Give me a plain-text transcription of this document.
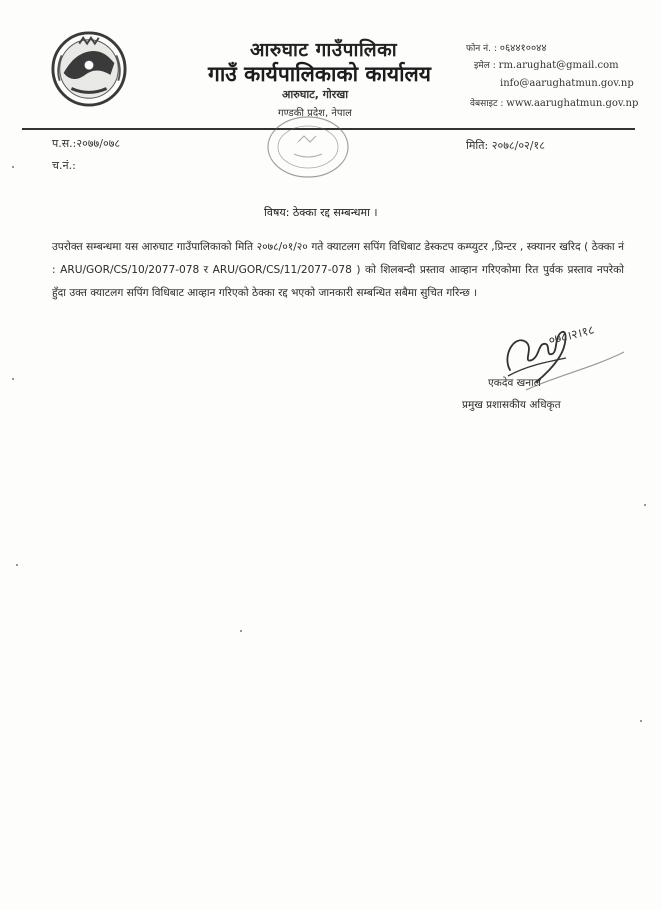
आरुघाट गाउँपालिका
गाउँ कार्यपालिकाको कार्यालय
आरुघाट, गोरखा
गण्डकी प्रदेश, नेपाल
फोन नं. : ०६४४१००४४
इमेल : rm.arughat@gmail.com
info@aarughatmun.gov.np
वेबसाइट : www.aarughatmun.gov.np
प.स.:२०७७/०७८
च.नं.:
मिति: २०७८/०२/१८
विषय: ठेक्का रद्द सम्बन्धमा ।
उपरोक्त सम्बन्धमा यस आरुघाट गाउँपालिकाको मिति २०७८/०१/२० गते क्याटलग सपिंग विधिबाट डेस्कटप कम्प्युटर ,प्रिन्टर , स्क्यानर खरिद ( ठेक्का नं : ARU/GOR/CS/10/2077-078 र ARU/GOR/CS/11/2077-078 ) को शिलबन्दी प्रस्ताव आव्हान गरिएकोमा रित पुर्वक प्रस्ताव नपरेको हुँदा उक्त क्याटलग सपिंग विधिबाट आव्हान गरिएको ठेक्का रद्द भएको जानकारी सम्बन्धित सबैमा सुचित गरिन्छ ।
०७८।२।१८
एकदेव खनाल
प्रमुख प्रशासकीय अधिकृत
